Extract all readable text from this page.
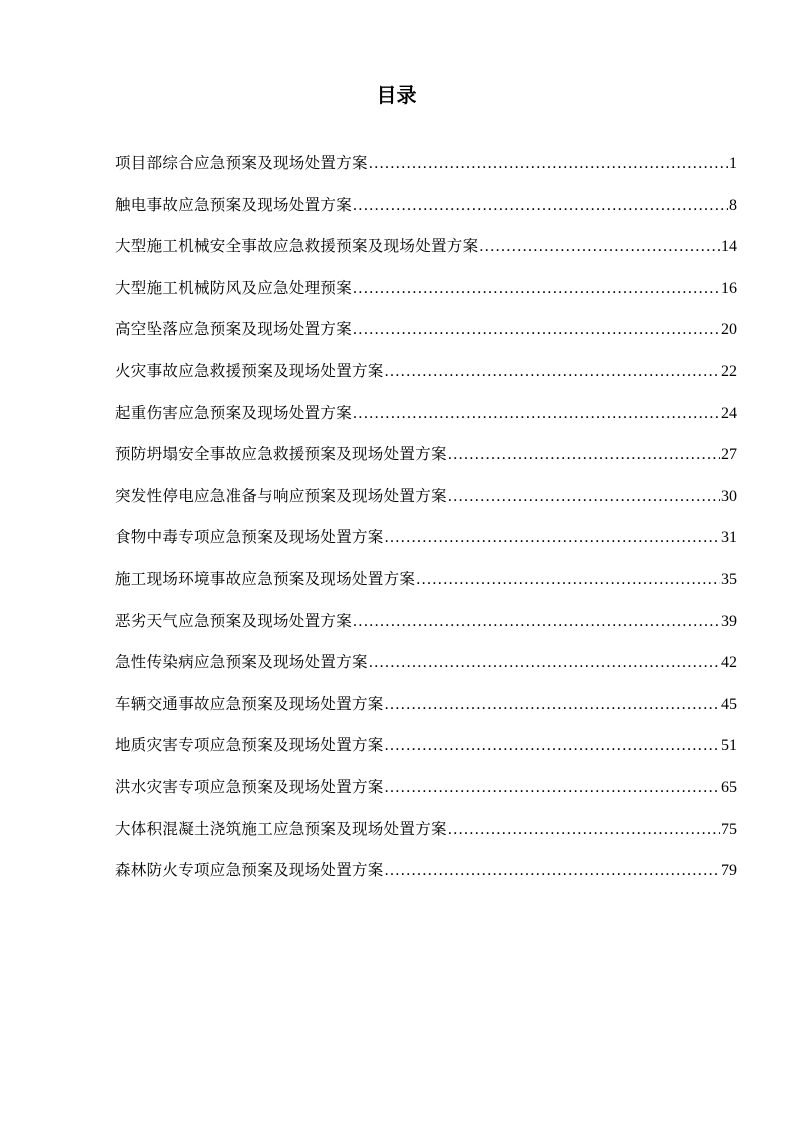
目录
项目部综合应急预案及现场处置方案 .....	1
触电事故应急预案及现场处置方案 .....	8
大型施工机械安全事故应急救援预案及现场处置方案 .....	14
大型施工机械防风及应急处理预案 .....	16
高空坠落应急预案及现场处置方案 .....	20
火灾事故应急救援预案及现场处置方案 .....	22
起重伤害应急预案及现场处置方案 .....	24
预防坍塌安全事故应急救援预案及现场处置方案 .....	27
突发性停电应急准备与响应预案及现场处置方案 .....	30
食物中毒专项应急预案及现场处置方案 .....	31
施工现场环境事故应急预案及现场处置方案 .....	35
恶劣天气应急预案及现场处置方案 .....	39
急性传染病应急预案及现场处置方案 .....	42
车辆交通事故应急预案及现场处置方案 .....	45
地质灾害专项应急预案及现场处置方案 .....	51
洪水灾害专项应急预案及现场处置方案 .....	65
大体积混凝土浇筑施工应急预案及现场处置方案 .....	75
森林防火专项应急预案及现场处置方案 .....	79
